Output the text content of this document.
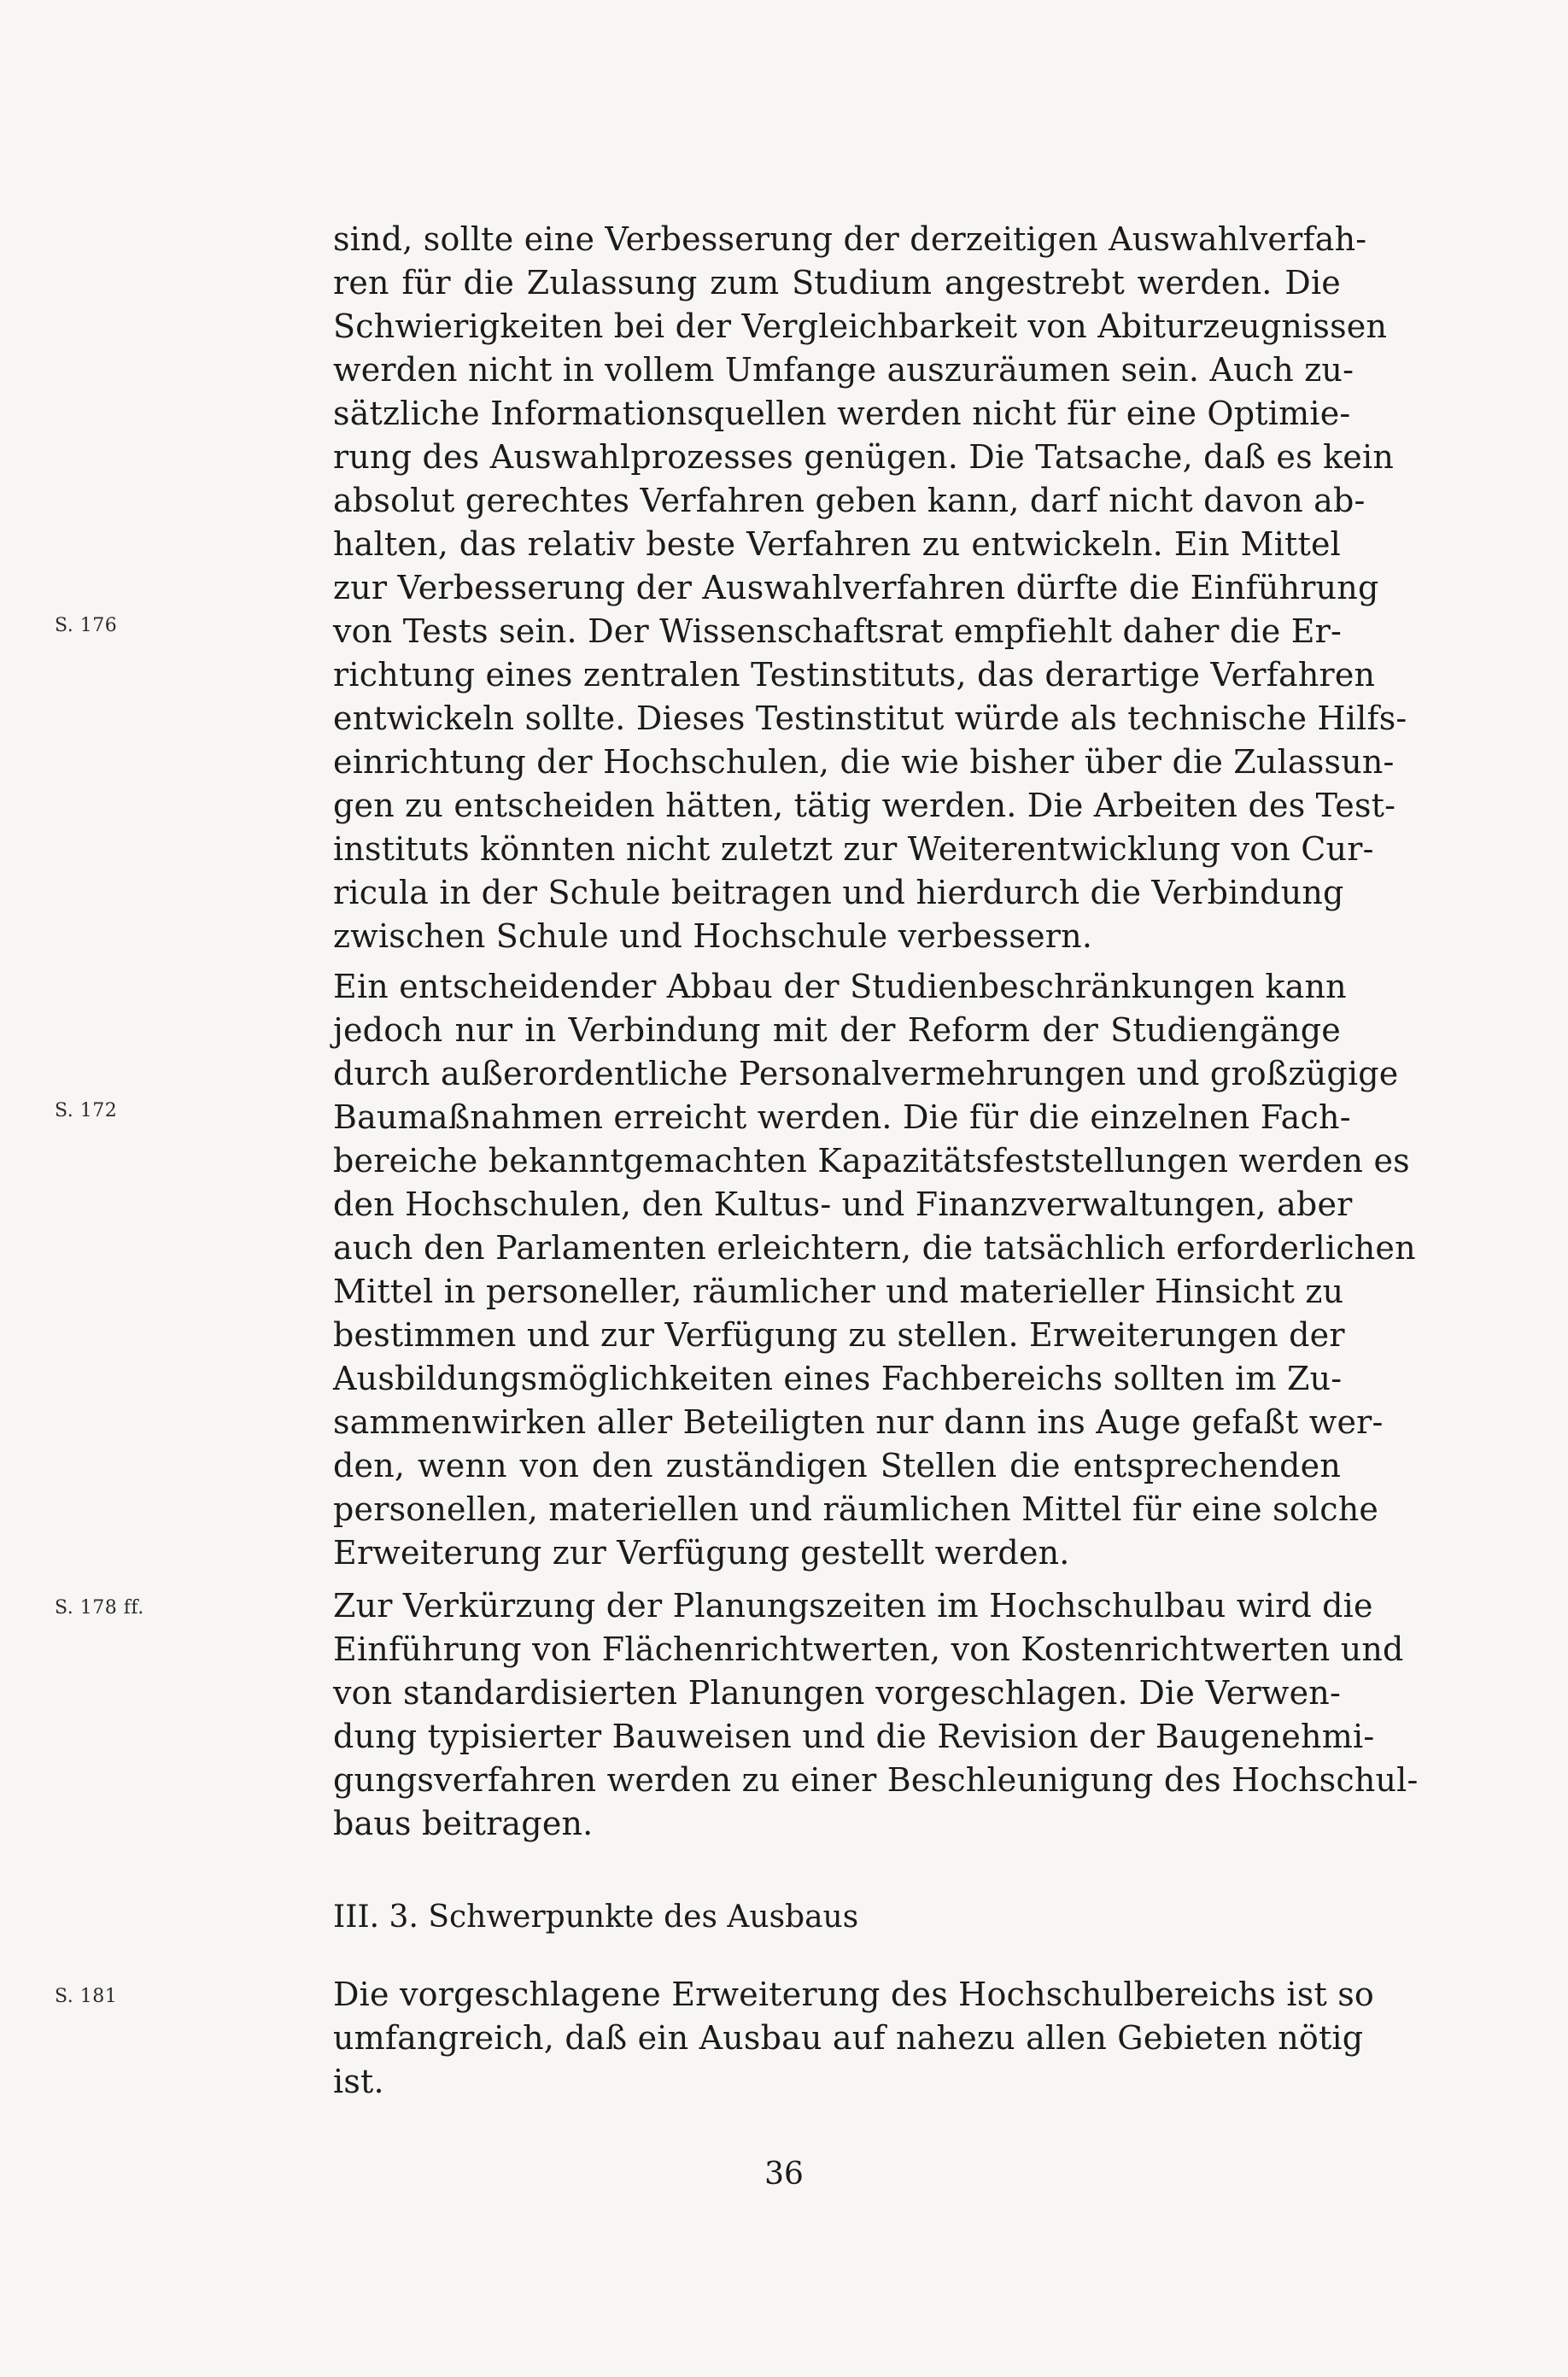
sind, sollte eine Verbesserung der derzeitigen Auswahlverfah-
ren für die Zulassung zum Studium angestrebt werden. Die
Schwierigkeiten bei der Vergleichbarkeit von Abiturzeugnissen
werden nicht in vollem Umfange auszuräumen sein. Auch zu-
sätzliche Informationsquellen werden nicht für eine Optimie-
rung des Auswahlprozesses genügen. Die Tatsache, daß es kein
absolut gerechtes Verfahren geben kann, darf nicht davon ab-
halten, das relativ beste Verfahren zu entwickeln. Ein Mittel
zur Verbesserung der Auswahlverfahren dürfte die Einführung
von Tests sein. Der Wissenschaftsrat empfiehlt daher die Er-
richtung eines zentralen Testinstituts, das derartige Verfahren
entwickeln sollte. Dieses Testinstitut würde als technische Hilfs-
einrichtung der Hochschulen, die wie bisher über die Zulassun-
gen zu entscheiden hätten, tätig werden. Die Arbeiten des Test-
instituts könnten nicht zuletzt zur Weiterentwicklung von Cur-
ricula in der Schule beitragen und hierdurch die Verbindung
zwischen Schule und Hochschule verbessern.
Ein entscheidender Abbau der Studienbeschränkungen kann
jedoch nur in Verbindung mit der Reform der Studiengänge
durch außerordentliche Personalvermehrungen und großzügige
Baumaßnahmen erreicht werden. Die für die einzelnen Fach-
bereiche bekanntgemachten Kapazitätsfeststellungen werden es
den Hochschulen, den Kultus- und Finanzverwaltungen, aber
auch den Parlamenten erleichtern, die tatsächlich erforderlichen
Mittel in personeller, räumlicher und materieller Hinsicht zu
bestimmen und zur Verfügung zu stellen. Erweiterungen der
Ausbildungsmöglichkeiten eines Fachbereichs sollten im Zu-
sammenwirken aller Beteiligten nur dann ins Auge gefaßt wer-
den, wenn von den zuständigen Stellen die entsprechenden
personellen, materiellen und räumlichen Mittel für eine solche
Erweiterung zur Verfügung gestellt werden.
Zur Verkürzung der Planungszeiten im Hochschulbau wird die
Einführung von Flächenrichtwerten, von Kostenrichtwerten und
von standardisierten Planungen vorgeschlagen. Die Verwen-
dung typisierter Bauweisen und die Revision der Baugenehmi-
gungsverfahren werden zu einer Beschleunigung des Hochschul-
baus beitragen.
III. 3. Schwerpunkte des Ausbaus
Die vorgeschlagene Erweiterung des Hochschulbereichs ist so
umfangreich, daß ein Ausbau auf nahezu allen Gebieten nötig
ist.
S. 176
S. 172
S. 178 ff.
S. 181
36
